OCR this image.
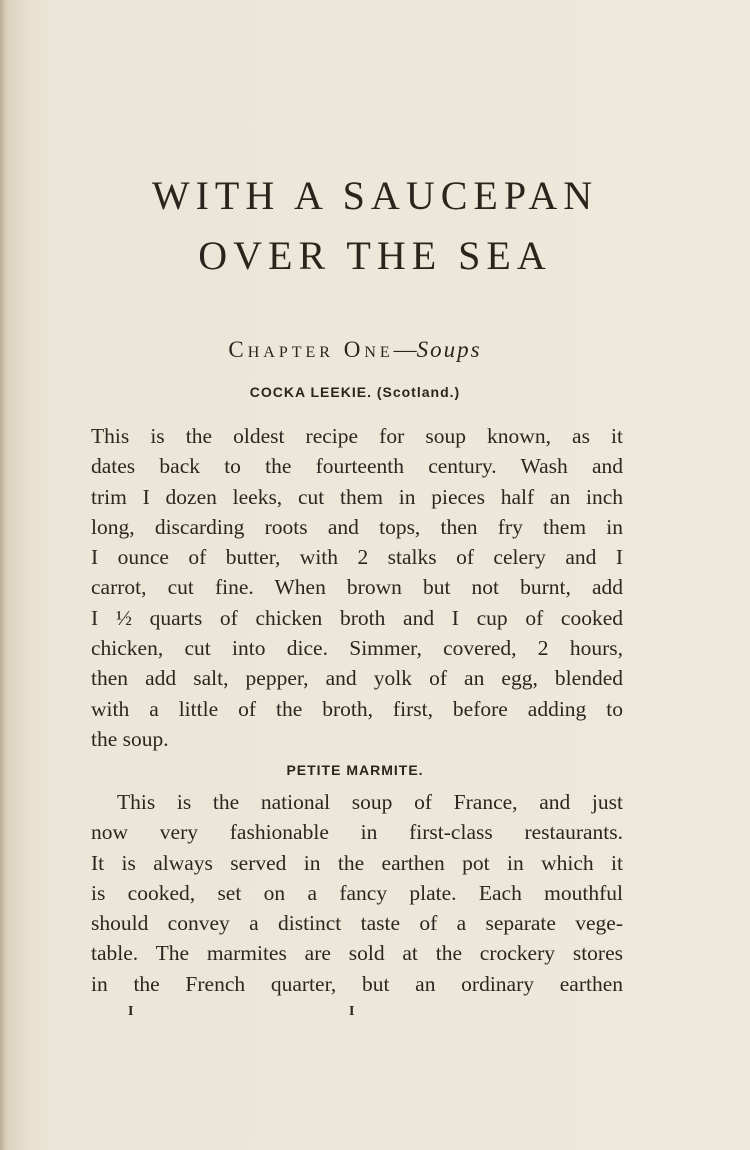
WITH A SAUCEPAN
OVER THE SEA
Chapter One—Soups
COCKA LEEKIE. (Scotland.)
This is the oldest recipe for soup known, as it
dates back to the fourteenth century. Wash and
trim I dozen leeks, cut them in pieces half an inch
long, discarding roots and tops, then fry them in
I ounce of butter, with 2 stalks of celery and I
carrot, cut fine. When brown but not burnt, add
I ½ quarts of chicken broth and I cup of cooked
chicken, cut into dice. Simmer, covered, 2 hours,
then add salt, pepper, and yolk of an egg, blended
with a little of the broth, first, before adding to
the soup.
PETITE MARMITE.
This is the national soup of France, and just
now very fashionable in first-class restaurants.
It is always served in the earthen pot in which it
is cooked, set on a fancy plate. Each mouthful
should convey a distinct taste of a separate vege-
table. The marmites are sold at the crockery stores
in the French quarter, but an ordinary earthen
I	I
